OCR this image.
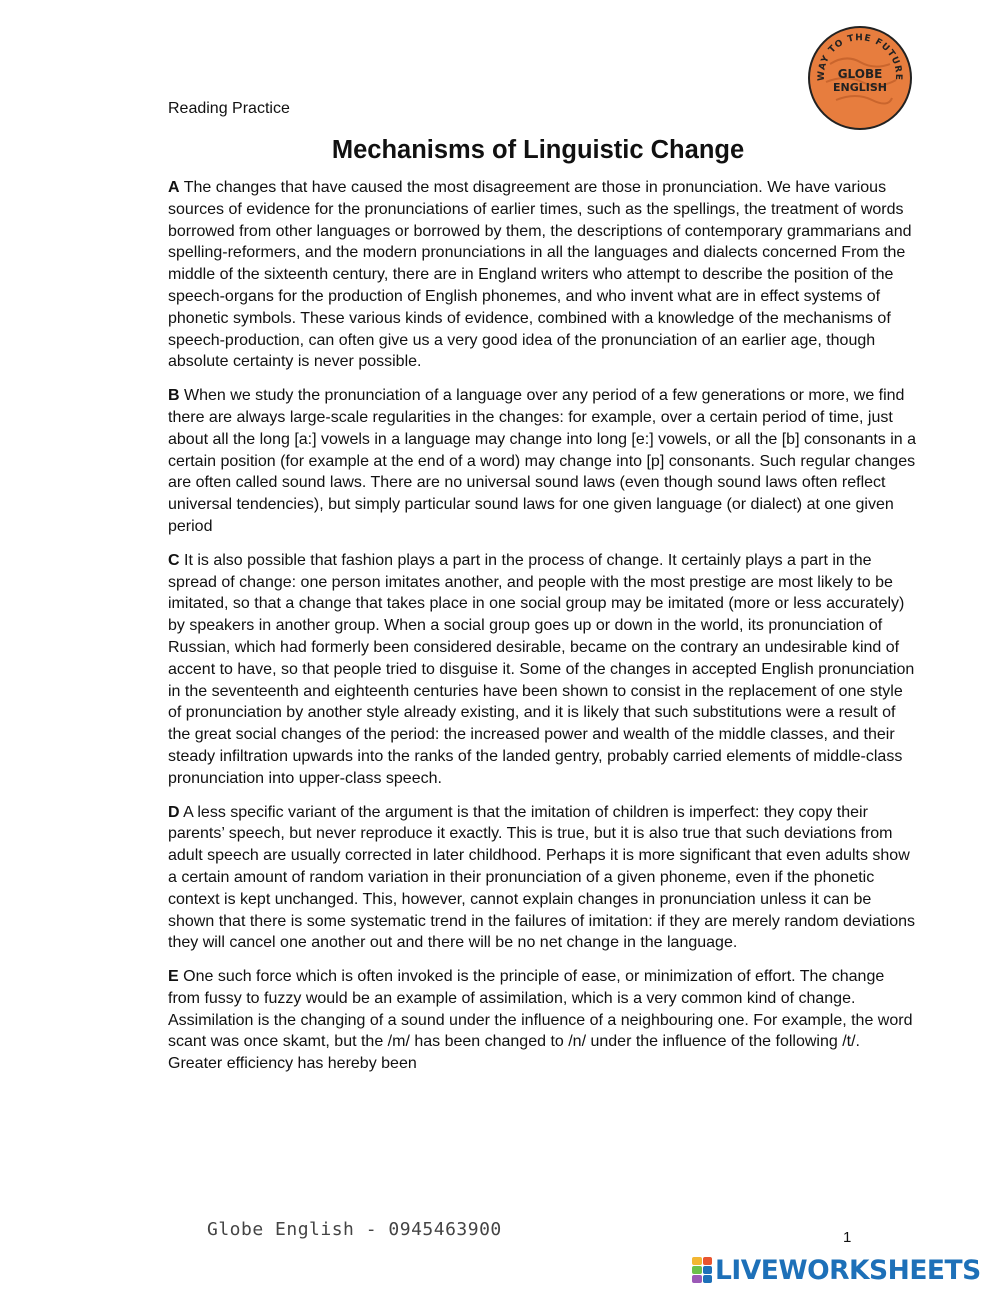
Reading Practice
WAY TO THE FUTURE
GLOBE
ENGLISH
Mechanisms of Linguistic Change

A The changes that have caused the most disagreement are those in pronunciation. We have various sources of evidence for the pronunciations of earlier times, such as the spellings, the treatment of words borrowed from other languages or borrowed by them, the descriptions of contemporary grammarians and spelling-reformers, and the modern pronunciations in all the languages and dialects concerned From the middle of the sixteenth century, there are in England writers who attempt to describe the position of the speech-organs for the production of English phonemes, and who invent what are in effect systems of phonetic symbols. These various kinds of evidence, combined with a knowledge of the mechanisms of speech-production, can often give us a very good idea of the pronunciation of an earlier age, though absolute certainty is never possible.

B When we study the pronunciation of a language over any period of a few generations or more, we find there are always large-scale regularities in the changes: for example, over a certain period of time, just about all the long [a:] vowels in a language may change into long [e:] vowels, or all the [b] consonants in a certain position (for example at the end of a word) may change into [p] consonants. Such regular changes are often called sound laws. There are no universal sound laws (even though sound laws often reflect universal tendencies), but simply particular sound laws for one given language (or dialect) at one given period

C It is also possible that fashion plays a part in the process of change. It certainly plays a part in the spread of change: one person imitates another, and people with the most prestige are most likely to be imitated, so that a change that takes place in one social group may be imitated (more or less accurately) by speakers in another group. When a social group goes up or down in the world, its pronunciation of Russian, which had formerly been considered desirable, became on the contrary an undesirable kind of accent to have, so that people tried to disguise it. Some of the changes in accepted English pronunciation in the seventeenth and eighteenth centuries have been shown to consist in the replacement of one style of pronunciation by another style already existing, and it is likely that such substitutions were a result of the great social changes of the period: the increased power and wealth of the middle classes, and their steady infiltration upwards into the ranks of the landed gentry, probably carried elements of middle-class pronunciation into upper-class speech.

D A less specific variant of the argument is that the imitation of children is imperfect: they copy their parents’ speech, but never reproduce it exactly. This is true, but it is also true that such deviations from adult speech are usually corrected in later childhood. Perhaps it is more significant that even adults show a certain amount of random variation in their pronunciation of a given phoneme, even if the phonetic context is kept unchanged. This, however, cannot explain changes in pronunciation unless it can be shown that there is some systematic trend in the failures of imitation: if they are merely random deviations they will cancel one another out and there will be no net change in the language.

E One such force which is often invoked is the principle of ease, or minimization of effort. The change from fussy to fuzzy would be an example of assimilation, which is a very common kind of change. Assimilation is the changing of a sound under the influence of a neighbouring one. For example, the word scant was once skamt, but the /m/ has been changed to /n/ under the influence of the following /t/. Greater efficiency has hereby been

Globe English - 0945463900	1
LIVEWORKSHEETS
